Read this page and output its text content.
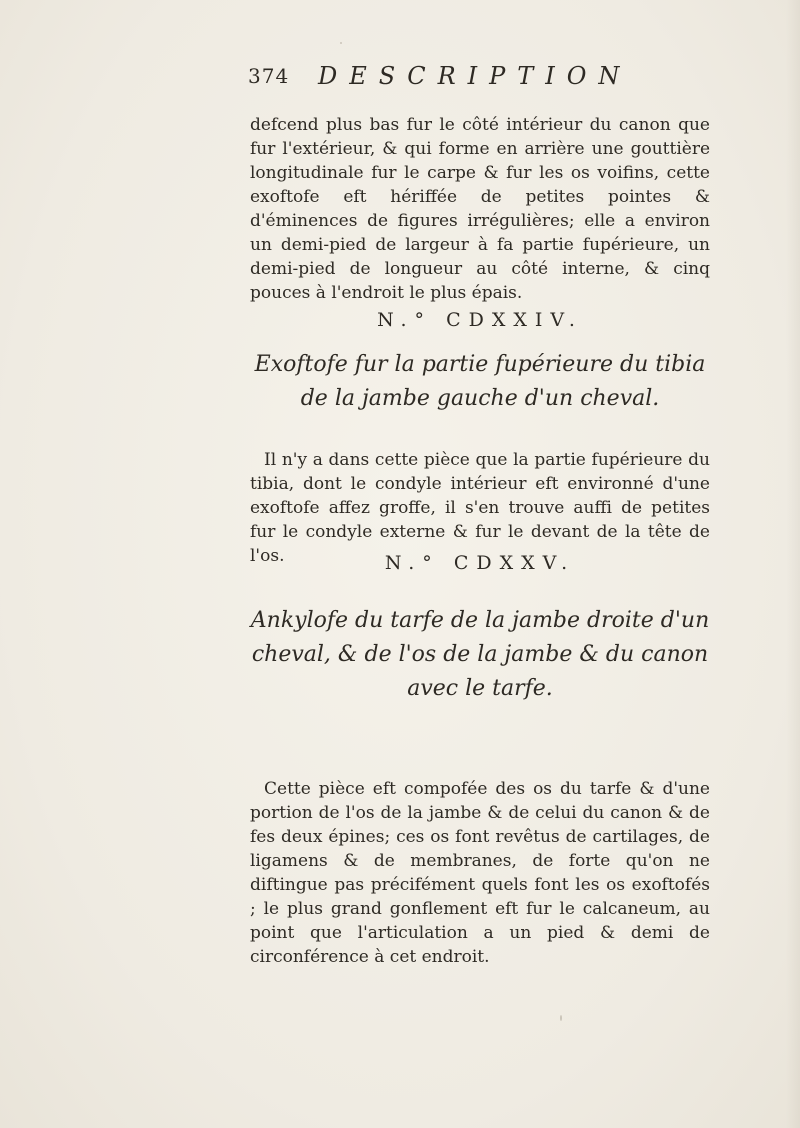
374 DESCRIPTION

defcend plus bas fur le côté intérieur du canon que fur l'extérieur, & qui forme en arrière une gouttière longitudinale fur le carpe & fur les os voifins, cette exoftofe eft hériffée de petites pointes & d'éminences de figures irrégulières; elle a environ un demi-pied de largeur à fa partie fupérieure, un demi-pied de longueur au côté interne, & cinq pouces à l'endroit le plus épais.

N.° CDXXIV.
Exoftofe fur la partie fupérieure du tibia de la jambe gauche d'un cheval.

Il n'y a dans cette pièce que la partie fupérieure du tibia, dont le condyle intérieur eft environné d'une exoftofe affez groffe, il s'en trouve auffi de petites fur le condyle externe & fur le devant de la tête de l'os.	N.° CDXXV.
Ankylofe du tarfe de la jambe droite d'un cheval, & de l'os de la jambe & du canon avec le tarfe.

Cette pièce eft compofée des os du tarfe & d'une portion de l'os de la jambe & de celui du canon & de fes deux épines; ces os font revêtus de cartilages, de ligamens & de membranes, de forte qu'on ne diftingue pas précifément quels font les os exoftofés ; le plus grand gonflement eft fur le calcaneum, au point que l'articulation a un pied & demi de circonférence à cet endroit.
